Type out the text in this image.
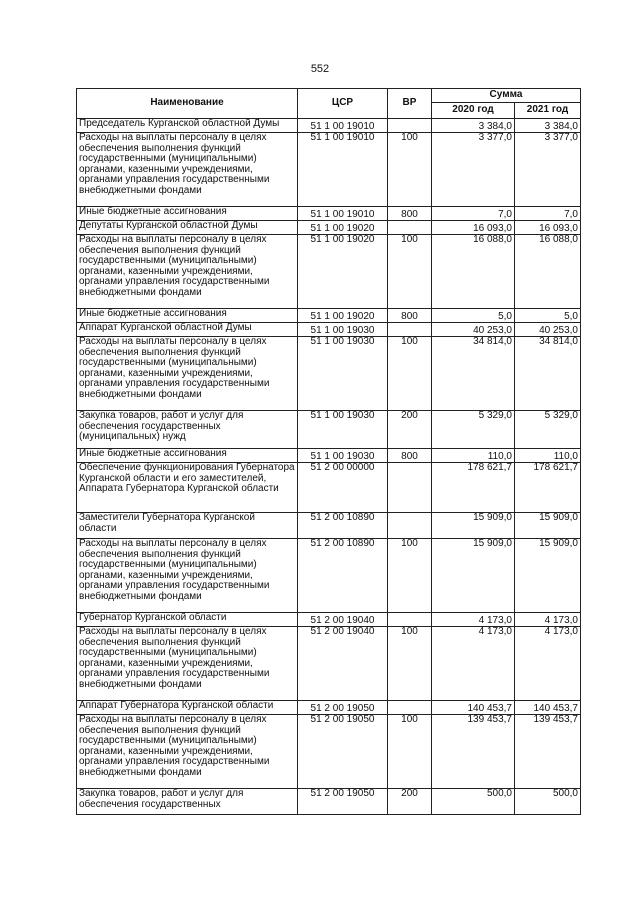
552
Наименование	ЦСР	ВР	Сумма	
			2020 год	2021 год
Председатель Курганской областной Думы	51 1 00 19010		3 384,0	3 384,0
Расходы на выплаты персоналу в целях обеспечения выполнения функций государственными (муниципальными) органами, казенными учреждениями, органами управления государственными внебюджетными фондами	51 1 00 19010	100	3 377,0	3 377,0
Иные бюджетные ассигнования	51 1 00 19010	800	7,0	7,0
Депутаты Курганской областной Думы	51 1 00 19020		16 093,0	16 093,0
Расходы на выплаты персоналу в целях обеспечения выполнения функций государственными (муниципальными) органами, казенными учреждениями, органами управления государственными внебюджетными фондами	51 1 00 19020	100	16 088,0	16 088,0
Иные бюджетные ассигнования	51 1 00 19020	800	5,0	5,0
Аппарат Курганской областной Думы	51 1 00 19030		40 253,0	40 253,0
Расходы на выплаты персоналу в целях обеспечения выполнения функций государственными (муниципальными) органами, казенными учреждениями, органами управления государственными внебюджетными фондами	51 1 00 19030	100	34 814,0	34 814,0
Закупка товаров, работ и услуг для обеспечения государственных (муниципальных) нужд	51 1 00 19030	200	5 329,0	5 329,0
Иные бюджетные ассигнования	51 1 00 19030	800	110,0	110,0
Обеспечение функционирования Губернатора Курганской области и его заместителей, Аппарата Губернатора Курганской области	51 2 00 00000		178 621,7	178 621,7
Заместители Губернатора Курганской области	51 2 00 10890		15 909,0	15 909,0
Расходы на выплаты персоналу в целях обеспечения выполнения функций государственными (муниципальными) органами, казенными учреждениями, органами управления государственными внебюджетными фондами	51 2 00 10890	100	15 909,0	15 909,0
Губернатор Курганской области	51 2 00 19040		4 173,0	4 173,0
Расходы на выплаты персоналу в целях обеспечения выполнения функций государственными (муниципальными) органами, казенными учреждениями, органами управления государственными внебюджетными фондами	51 2 00 19040	100	4 173,0	4 173,0
Аппарат Губернатора Курганской области	51 2 00 19050		140 453,7	140 453,7
Расходы на выплаты персоналу в целях обеспечения выполнения функций государственными (муниципальными) органами, казенными учреждениями, органами управления государственными внебюджетными фондами	51 2 00 19050	100	139 453,7	139 453,7
Закупка товаров, работ и услуг для обеспечения государственных	51 2 00 19050	200	500,0	500,0
